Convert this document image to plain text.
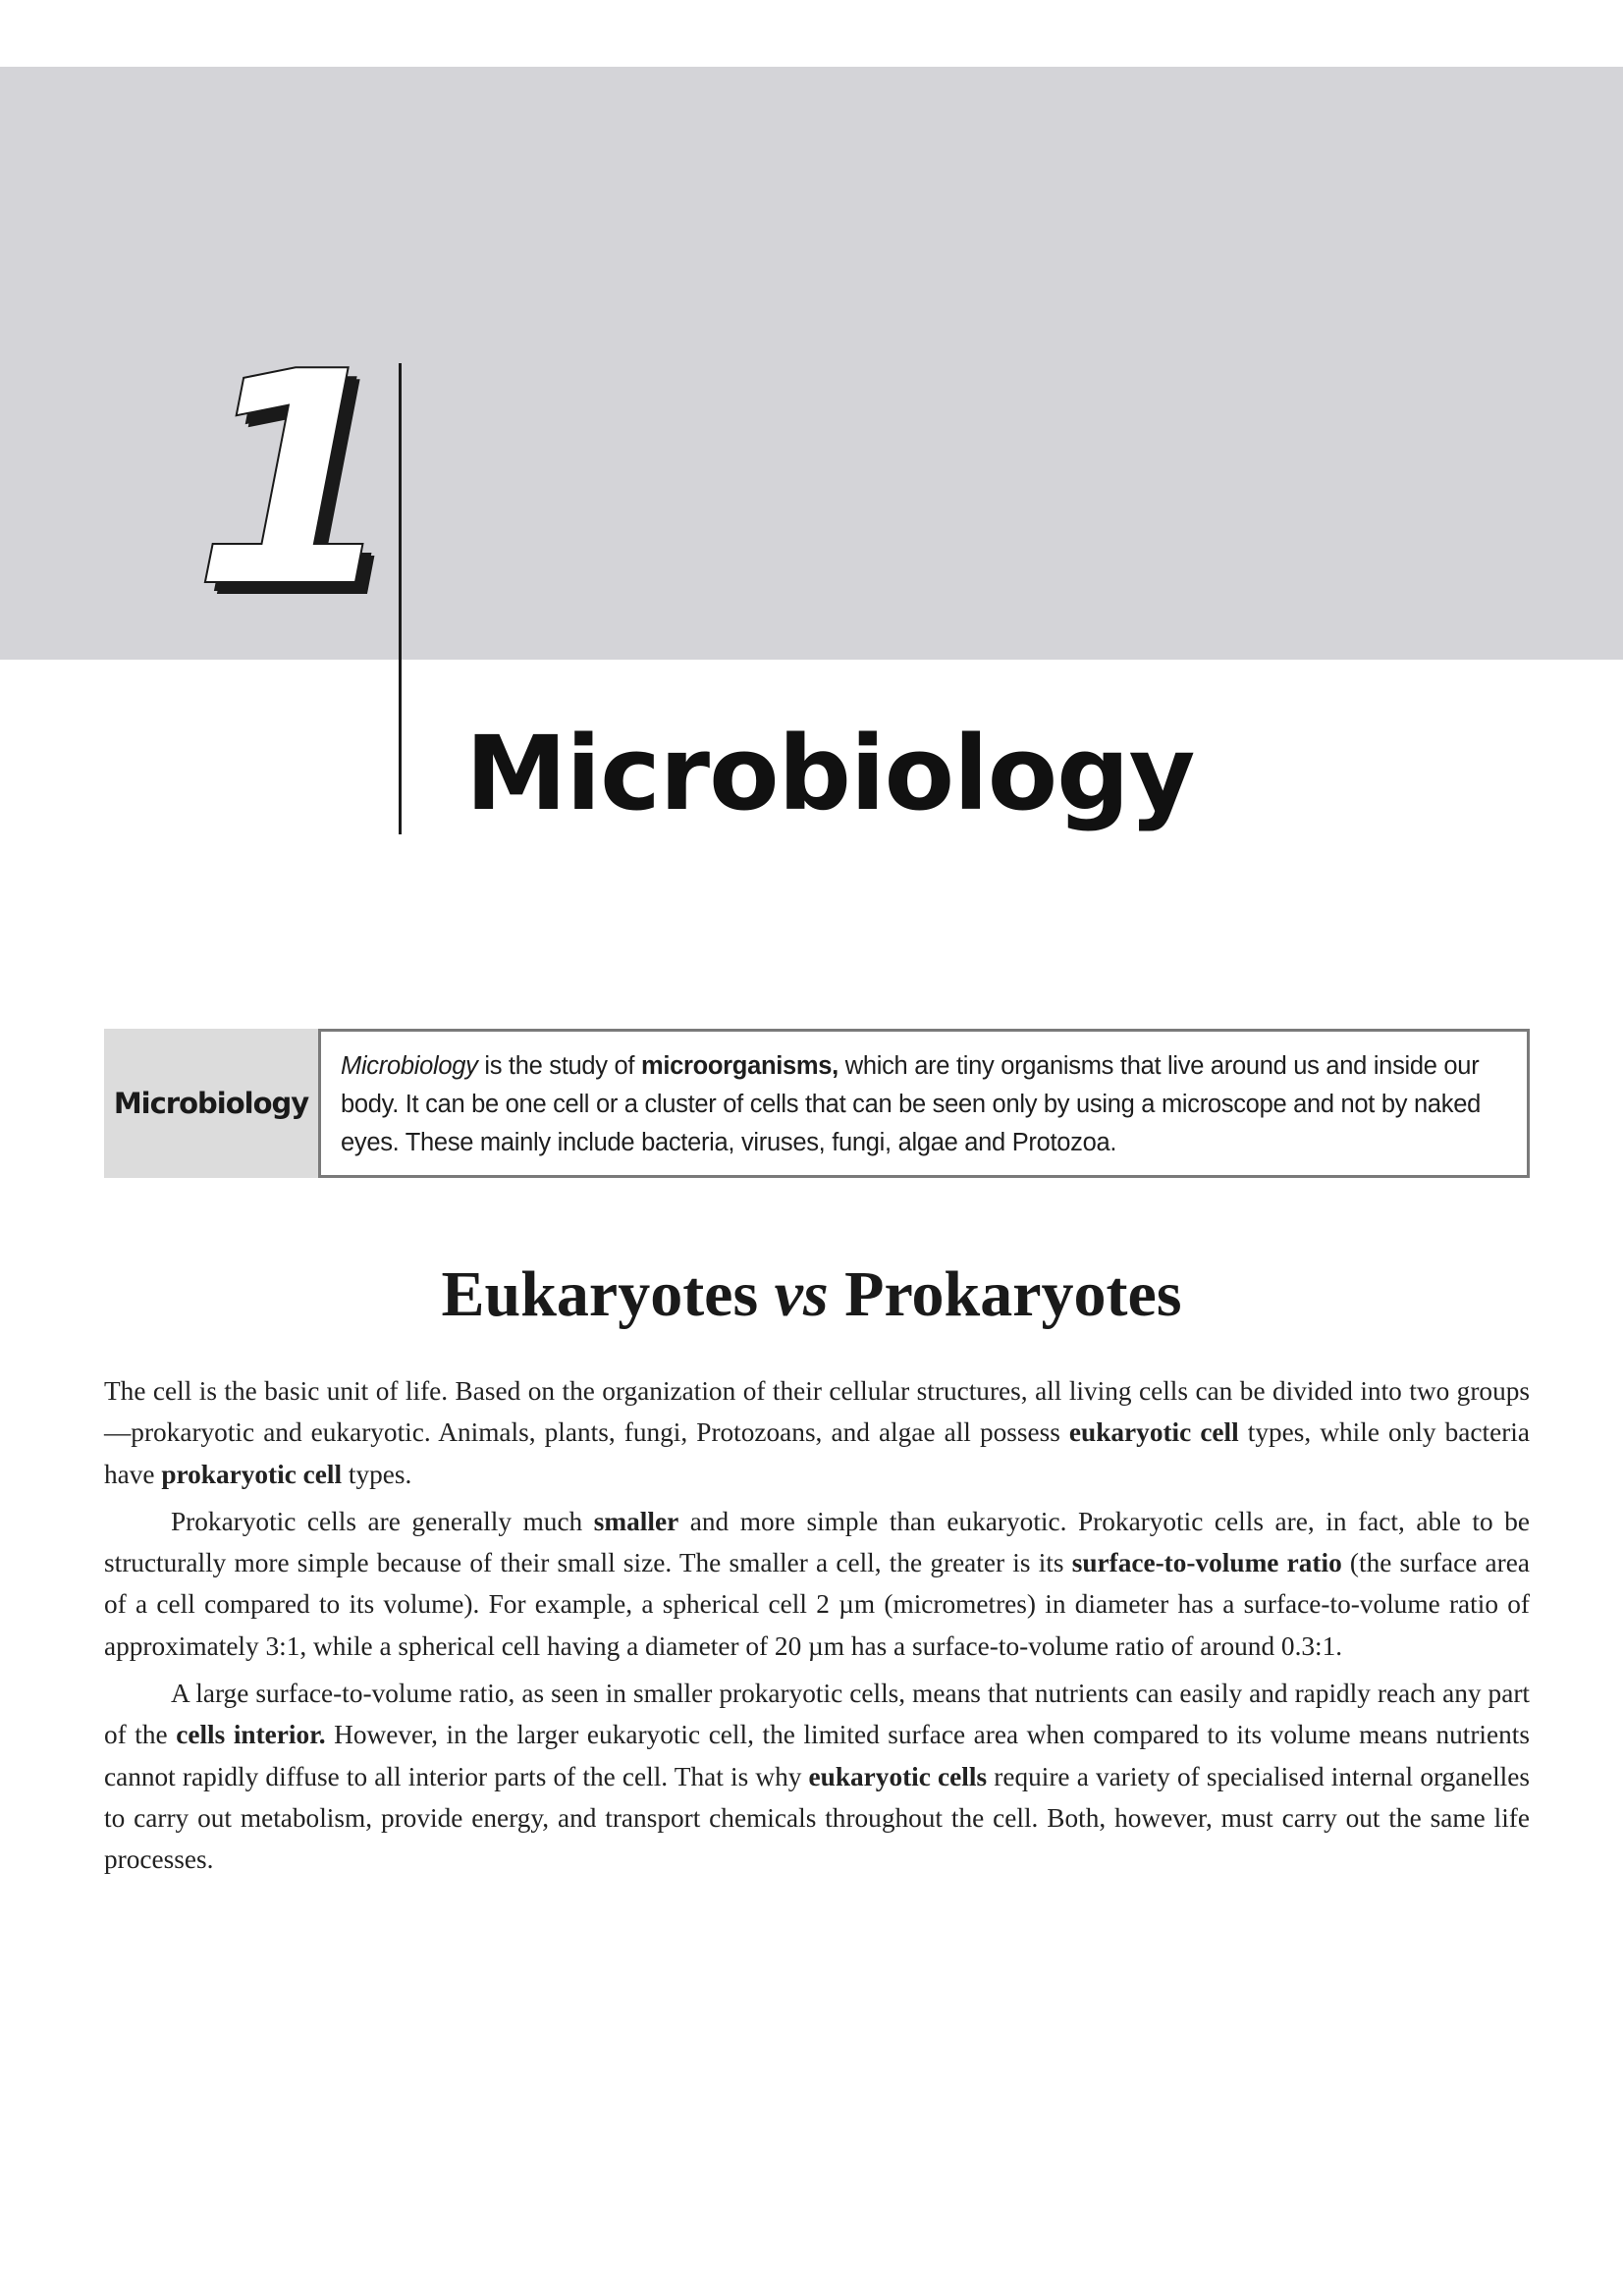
1
Microbiology
Microbiology
Microbiology is the study of microorganisms, which are tiny organisms that live around us and inside our body. It can be one cell or a cluster of cells that can be seen only by using a microscope and not by naked eyes. These mainly include bacteria, viruses, fungi, algae and Protozoa.
Eukaryotes vs Prokaryotes

The cell is the basic unit of life. Based on the organization of their cellular structures, all living cells can be divided into two groups—prokaryotic and eukaryotic. Animals, plants, fungi, Protozoans, and algae all possess eukaryotic cell types, while only bacteria have prokaryotic cell types.

Prokaryotic cells are generally much smaller and more simple than eukaryotic. Prokaryotic cells are, in fact, able to be structurally more simple because of their small size. The smaller a cell, the greater is its surface-to-volume ratio (the surface area of a cell compared to its volume). For example, a spherical cell 2 µm (micrometres) in diameter has a surface-to-volume ratio of approximately 3:1, while a spherical cell having a diameter of 20 µm has a surface-to-volume ratio of around 0.3:1.

A large surface-to-volume ratio, as seen in smaller prokaryotic cells, means that nutrients can easily and rapidly reach any part of the cells interior. However, in the larger eukaryotic cell, the limited surface area when compared to its volume means nutrients cannot rapidly diffuse to all interior parts of the cell. That is why eukaryotic cells require a variety of specialised internal organelles to carry out metabolism, provide energy, and transport chemicals throughout the cell. Both, however, must carry out the same life processes.
